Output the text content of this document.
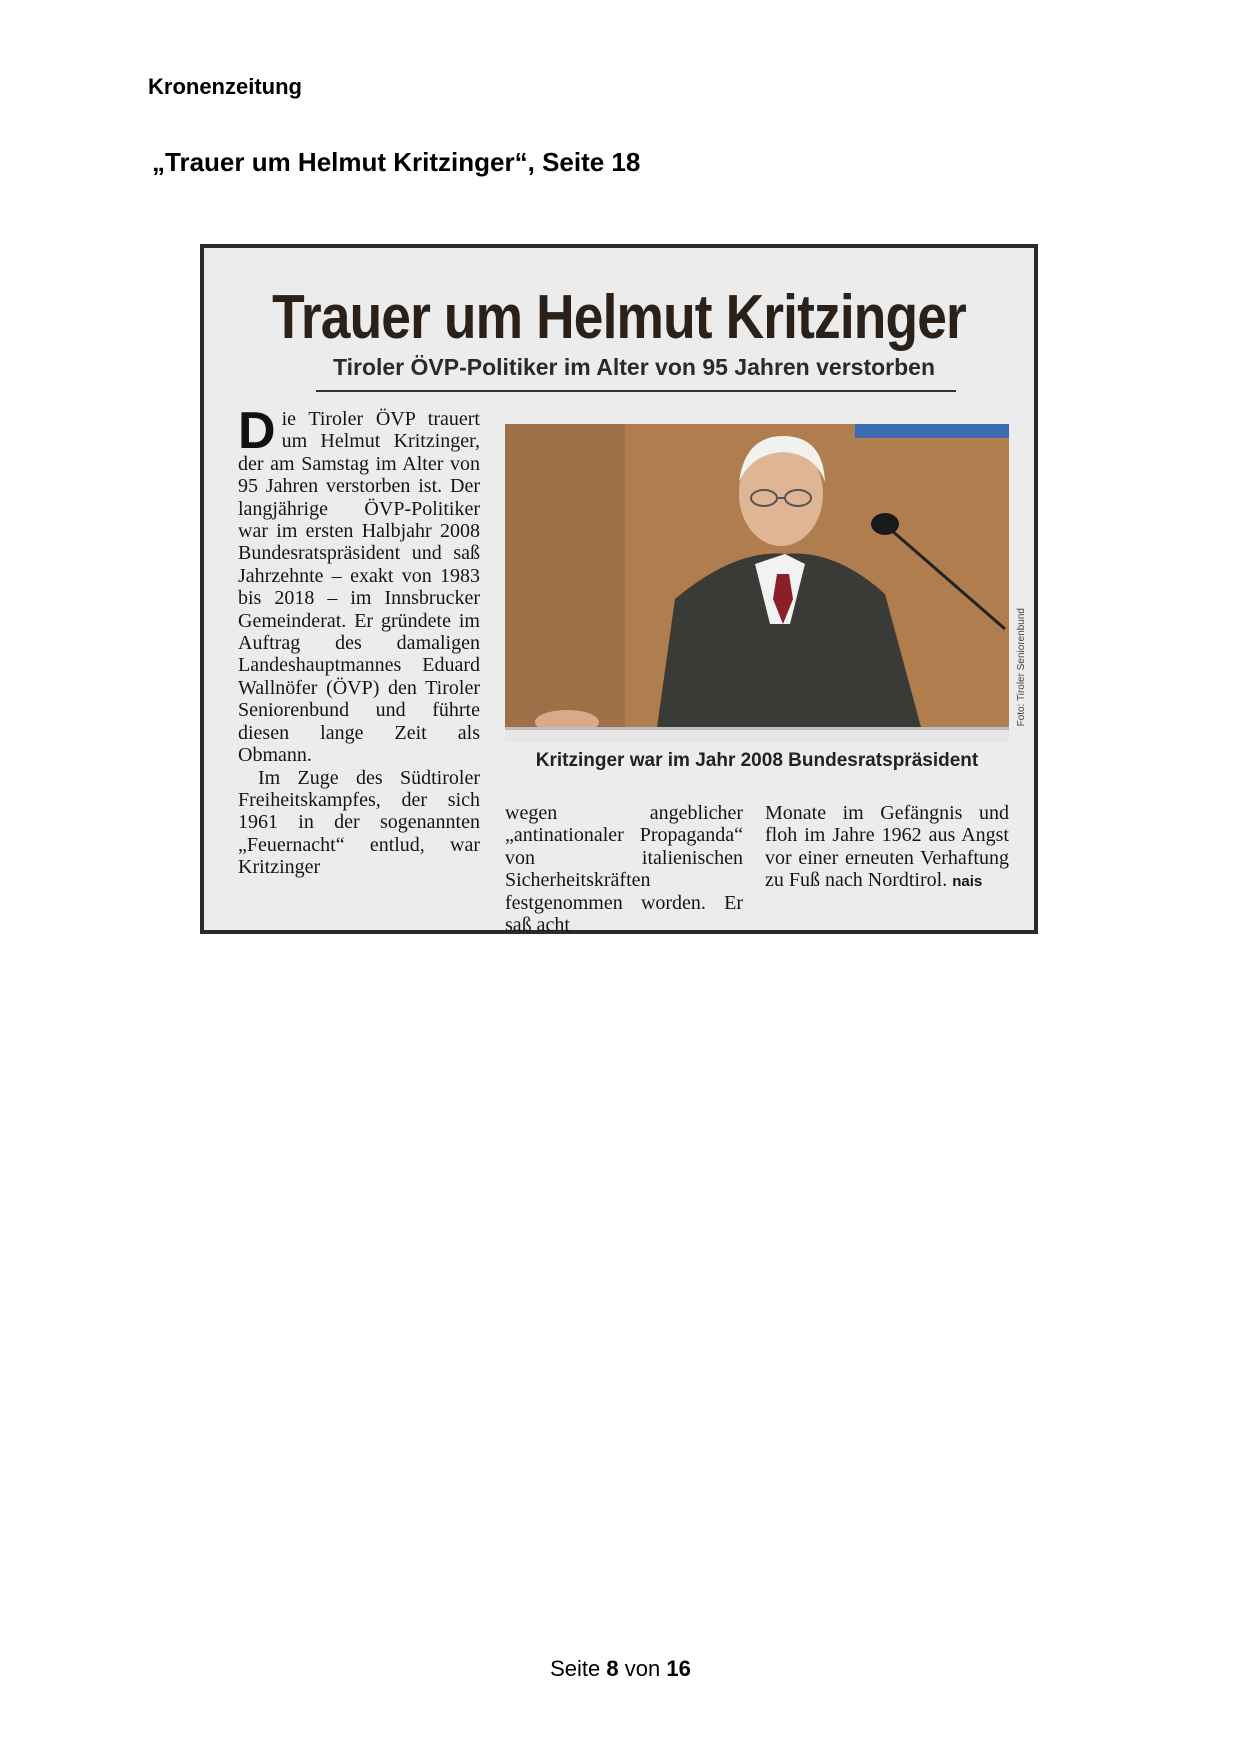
Kronenzeitung
„Trauer um Helmut Kritzinger“, Seite 18
Trauer um Helmut Kritzinger
Tiroler ÖVP-Politiker im Alter von 95 Jahren verstorben
Die Tiroler ÖVP trauert um Helmut Kritzinger, der am Samstag im Alter von 95 Jahren verstorben ist. Der langjährige ÖVP-Politiker war im ersten Halbjahr 2008 Bundesratspräsident und saß Jahrzehnte – exakt von 1983 bis 2018 – im Innsbrucker Gemeinderat. Er gründete im Auftrag des damaligen Landeshauptmannes Eduard Wallnöfer (ÖVP) den Tiroler Seniorenbund und führte diesen lange Zeit als Obmann.
Im Zuge des Südtiroler Freiheitskampfes, der sich 1961 in der sogenannten „Feuernacht“ entlud, war Kritzinger
Foto: Tiroler Seniorenbund
Kritzinger war im Jahr 2008 Bundesratspräsident
wegen angeblicher „antinationaler Propaganda“ von italienischen Sicherheitskräften festgenommen worden. Er saß acht
Monate im Gefängnis und floh im Jahre 1962 aus Angst vor einer erneuten Verhaftung zu Fuß nach Nordtirol. nais
Seite 8 von 16
